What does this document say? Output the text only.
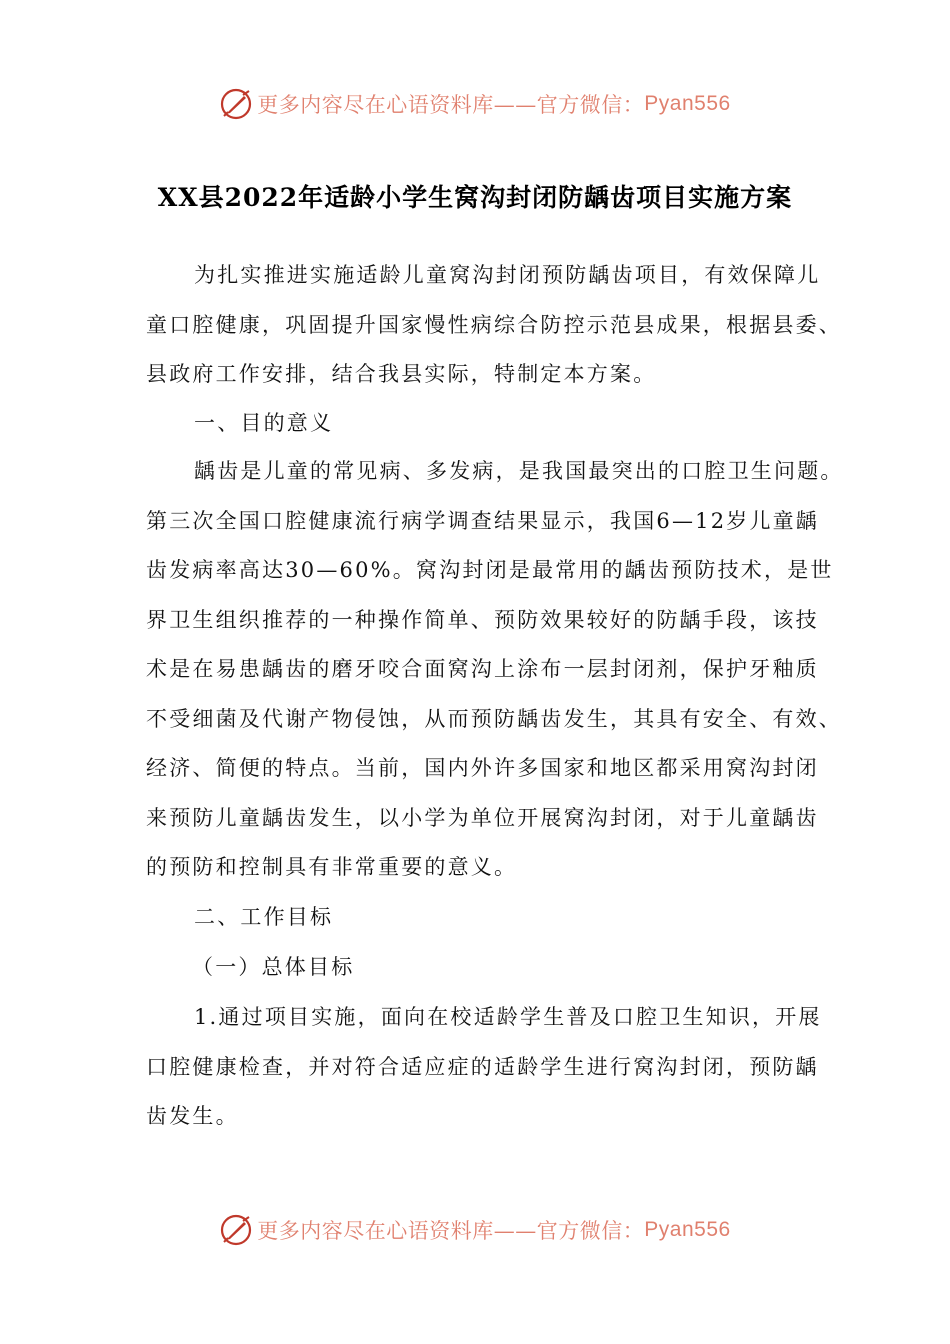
更多内容尽在心语资料库——官方微信： Pyan556
XX县2022年适龄小学生窝沟封闭防龋齿项目实施方案

为扎实推进实施适龄儿童窝沟封闭预防龋齿项目，有效保障儿
童口腔健康，巩固提升国家慢性病综合防控示范县成果，根据县委、
县政府工作安排，结合我县实际，特制定本方案。

一、目的意义

龋齿是儿童的常见病、多发病，是我国最突出的口腔卫生问题。
第三次全国口腔健康流行病学调查结果显示，我国6—12岁儿童龋
齿发病率高达30—60%。窝沟封闭是最常用的龋齿预防技术，是世
界卫生组织推荐的一种操作简单、预防效果较好的防龋手段，该技
术是在易患龋齿的磨牙咬合面窝沟上涂布一层封闭剂，保护牙釉质
不受细菌及代谢产物侵蚀，从而预防龋齿发生，其具有安全、有效、
经济、简便的特点。当前，国内外许多国家和地区都采用窝沟封闭
来预防儿童龋齿发生，以小学为单位开展窝沟封闭，对于儿童龋齿
的预防和控制具有非常重要的意义。

二、工作目标

（一）总体目标

1.通过项目实施，面向在校适龄学生普及口腔卫生知识，开展
口腔健康检查，并对符合适应症的适龄学生进行窝沟封闭，预防龋
齿发生。

更多内容尽在心语资料库——官方微信： Pyan556
